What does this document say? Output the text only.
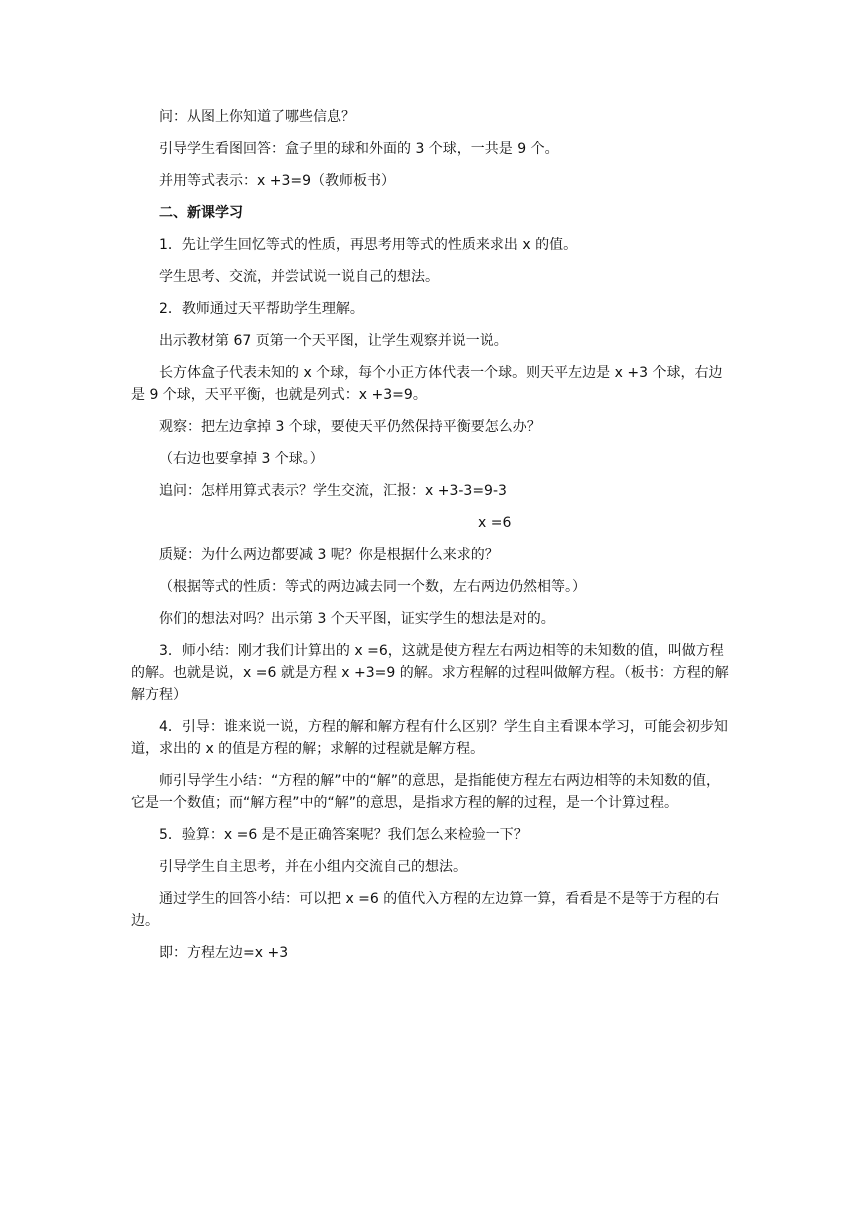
问：从图上你知道了哪些信息？

引导学生看图回答：盒子里的球和外面的 3 个球，一共是 9 个。

并用等式表示：x +3=9（教师板书）

二、新课学习

1．先让学生回忆等式的性质，再思考用等式的性质来求出 x 的值。

学生思考、交流，并尝试说一说自己的想法。

2．教师通过天平帮助学生理解。

出示教材第 67 页第一个天平图，让学生观察并说一说。

长方体盒子代表未知的 x 个球，每个小正方体代表一个球。则天平左边是 x +3 个球，右边是 9 个球，天平平衡，也就是列式：x +3=9。

观察：把左边拿掉 3 个球，要使天平仍然保持平衡要怎么办？

（右边也要拿掉 3 个球。）

追问：怎样用算式表示？学生交流，汇报：x +3-3=9-3

x =6

质疑：为什么两边都要减 3 呢？你是根据什么来求的？

（根据等式的性质：等式的两边减去同一个数，左右两边仍然相等。）

你们的想法对吗？出示第 3 个天平图，证实学生的想法是对的。

3．师小结：刚才我们计算出的 x =6，这就是使方程左右两边相等的未知数的值，叫做方程的解。也就是说，x =6 就是方程 x +3=9 的解。求方程解的过程叫做解方程。（板书：方程的解　解方程）

4．引导：谁来说一说，方程的解和解方程有什么区别？学生自主看课本学习，可能会初步知道，求出的 x 的值是方程的解；求解的过程就是解方程。

师引导学生小结：“方程的解”中的“解”的意思，是指能使方程左右两边相等的未知数的值，它是一个数值；而“解方程”中的“解”的意思，是指求方程的解的过程，是一个计算过程。

5．验算：x =6 是不是正确答案呢？我们怎么来检验一下？

引导学生自主思考，并在小组内交流自己的想法。

通过学生的回答小结：可以把 x =6 的值代入方程的左边算一算，看看是不是等于方程的右边。

即：方程左边=x +3
